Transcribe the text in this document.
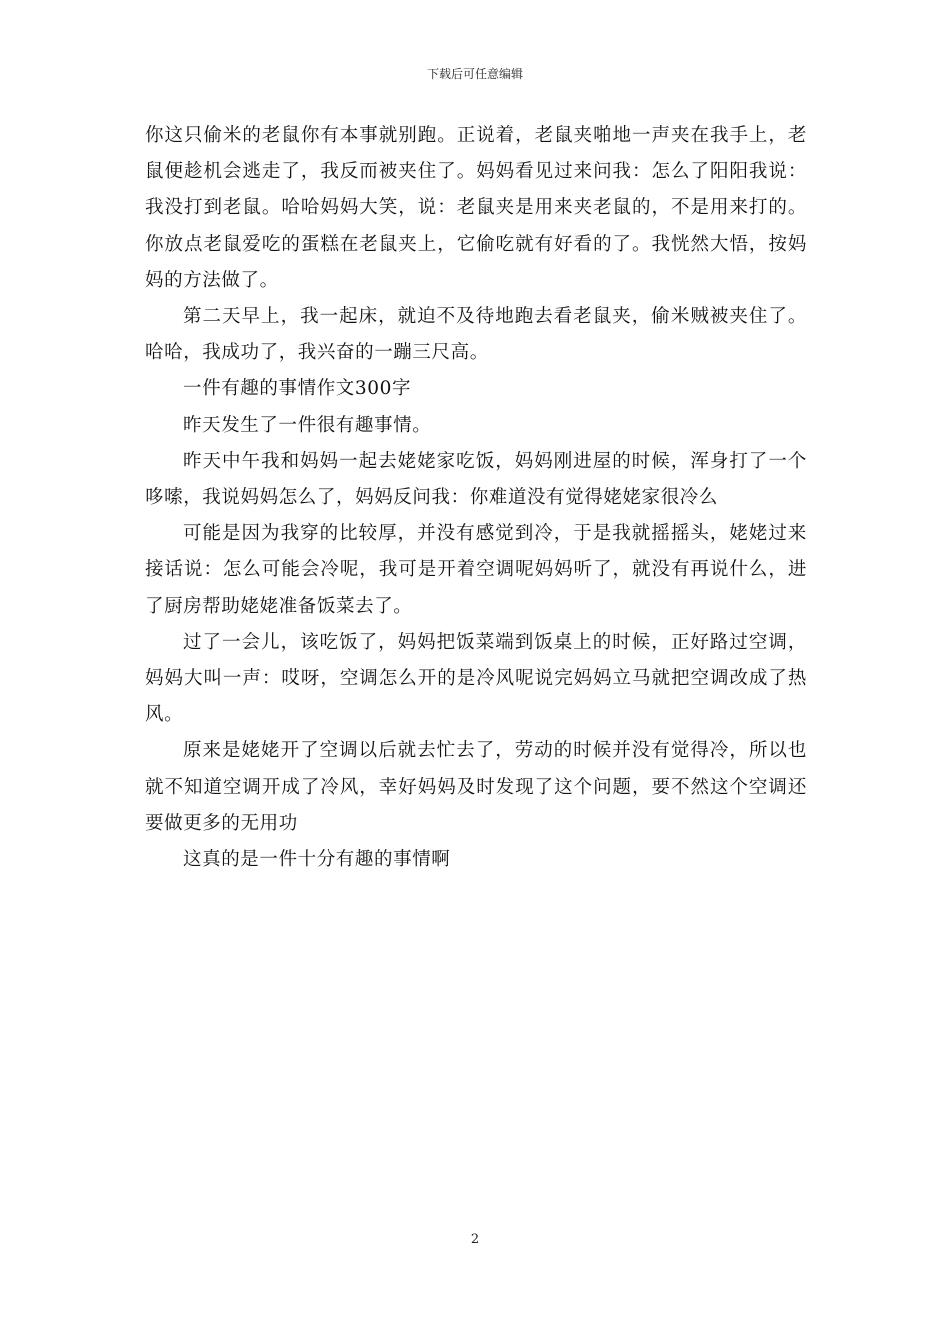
下载后可任意编辑

你这只偷米的老鼠你有本事就别跑。正说着，老鼠夹啪地一声夹在我手上，老鼠便趁机会逃走了，我反而被夹住了。妈妈看见过来问我：怎么了阳阳我说：我没打到老鼠。哈哈妈妈大笑，说：老鼠夹是用来夹老鼠的，不是用来打的。你放点老鼠爱吃的蛋糕在老鼠夹上，它偷吃就有好看的了。我恍然大悟，按妈妈的方法做了。

第二天早上，我一起床，就迫不及待地跑去看老鼠夹，偷米贼被夹住了。哈哈，我成功了，我兴奋的一蹦三尺高。

一件有趣的事情作文300字

昨天发生了一件很有趣事情。

昨天中午我和妈妈一起去姥姥家吃饭，妈妈刚进屋的时候，浑身打了一个哆嗦，我说妈妈怎么了，妈妈反问我：你难道没有觉得姥姥家很冷么

可能是因为我穿的比较厚，并没有感觉到冷，于是我就摇摇头，姥姥过来接话说：怎么可能会冷呢，我可是开着空调呢妈妈听了，就没有再说什么，进了厨房帮助姥姥准备饭菜去了。

过了一会儿，该吃饭了，妈妈把饭菜端到饭桌上的时候，正好路过空调，妈妈大叫一声：哎呀，空调怎么开的是冷风呢说完妈妈立马就把空调改成了热风。

原来是姥姥开了空调以后就去忙去了，劳动的时候并没有觉得冷，所以也就不知道空调开成了冷风，幸好妈妈及时发现了这个问题，要不然这个空调还要做更多的无用功

这真的是一件十分有趣的事情啊

2
